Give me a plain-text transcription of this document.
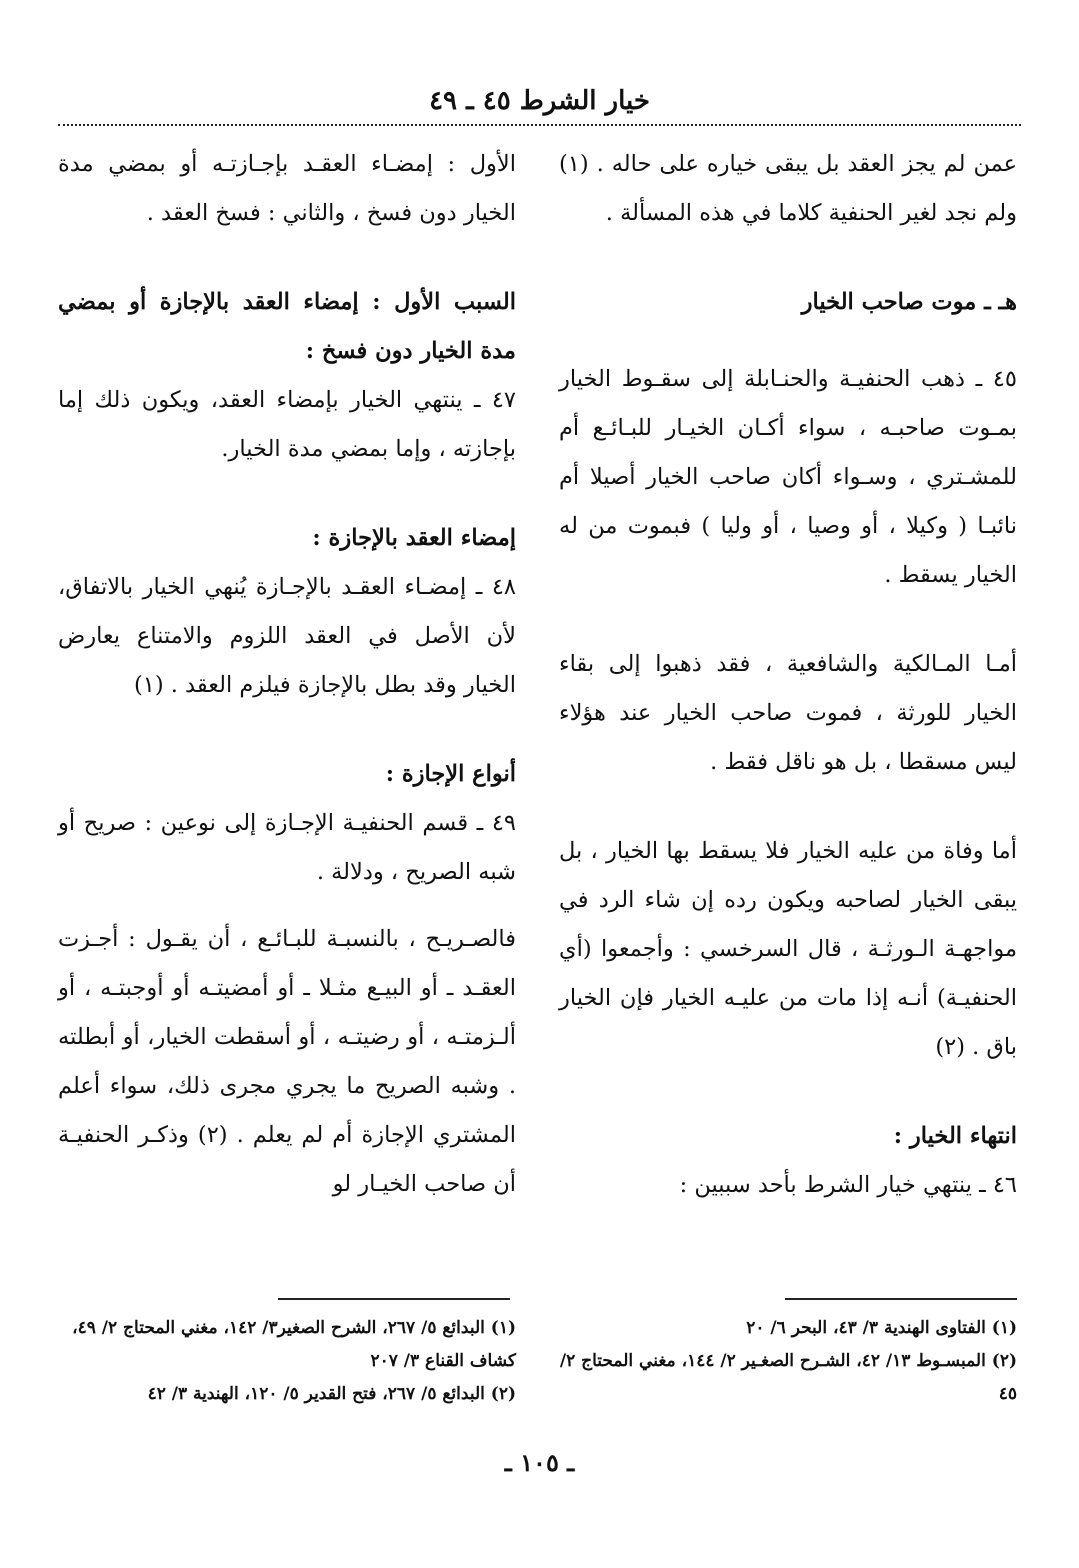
خيار الشرط ٤٥ ـ ٤٩

عمن لم يجز العقد بل يبقى خياره على حاله . (١) ولم نجد لغير الحنفية كلاما في هذه المسألة .

هـ ـ موت صاحب الخيار

٤٥ ـ ذهب الحنفيـة والحنـابلة إلى سقـوط الخيار بمـوت صاحبـه ، سواء أكـان الخيـار للبـائـع أم للمشـتري ، وسـواء أكان صاحب الخيار أصيلا أم نائبـا ( وكيلا ، أو وصيا ، أو وليا ) فبموت من له الخيار يسقط .

أمـا المـالكية والشافعية ، فقد ذهبوا إلى بقاء الخيار للورثة ، فموت صاحب الخيار عند هؤلاء ليس مسقطا ، بل هو ناقل فقط .

أما وفاة من عليه الخيار فلا يسقط بها الخيار ، بل يبقى الخيار لصاحبه ويكون رده إن شاء الرد في مواجهـة الـورثـة ، قال السرخسي : وأجمعوا (أي الحنفيـة) أنـه إذا مات من عليـه الخيار فإن الخيار باق . (٢)

انتهاء الخيار :

٤٦ ـ ينتهي خيار الشرط بأحد سببين :

الأول : إمضـاء العقـد بإجـازتـه أو بمضي مدة الخيار دون فسخ ، والثاني : فسخ العقد .

السبب الأول : إمضاء العقد بالإجازة أو بمضي مدة الخيار دون فسخ :

٤٧ ـ ينتهي الخيار بإمضاء العقد، ويكون ذلك إما بإجازته ، وإما بمضي مدة الخيار.

إمضاء العقد بالإجازة :

٤٨ ـ إمضـاء العقـد بالإجـازة يُنهي الخيار بالاتفاق، لأن الأصل في العقد اللزوم والامتناع يعارض الخيار وقد بطل بالإجازة فيلزم العقد . (١)

أنواع الإجازة :

٤٩ ـ قسم الحنفيـة الإجـازة إلى نوعين : صريح أو شبه الصريح ، ودلالة .

فالصـريـح ، بالنسبـة للبـائـع ، أن يقـول : أجـزت العقـد ـ أو البيـع مثـلا ـ أو أمضيتـه أو أوجبتـه ، أو ألـزمتـه ، أو رضيتـه ، أو أسقطت الخيار، أو أبطلته . وشبه الصريح ما يجري مجرى ذلك، سواء أعلم المشتري الإجازة أم لم يعلم . (٢) وذكـر الحنفيـة أن صاحب الخيـار لو

(١) الفتاوى الهندية ٣/ ٤٣، البحر ٦/ ٢٠

(٢) المبسـوط ١٣/ ٤٢، الشـرح الصغـير ٢/ ١٤٤، مغني المحتاج ٢/ ٤٥

(١) البدائع ٥/ ٢٦٧، الشرح الصغير٣/ ١٤٢، مغني المحتاج ٢/ ٤٩، كشاف القناع ٣/ ٢٠٧

(٢) البدائع ٥/ ٢٦٧، فتح القدير ٥/ ١٢٠، الهندية ٣/ ٤٢

ـ ١٠٥ ـ
